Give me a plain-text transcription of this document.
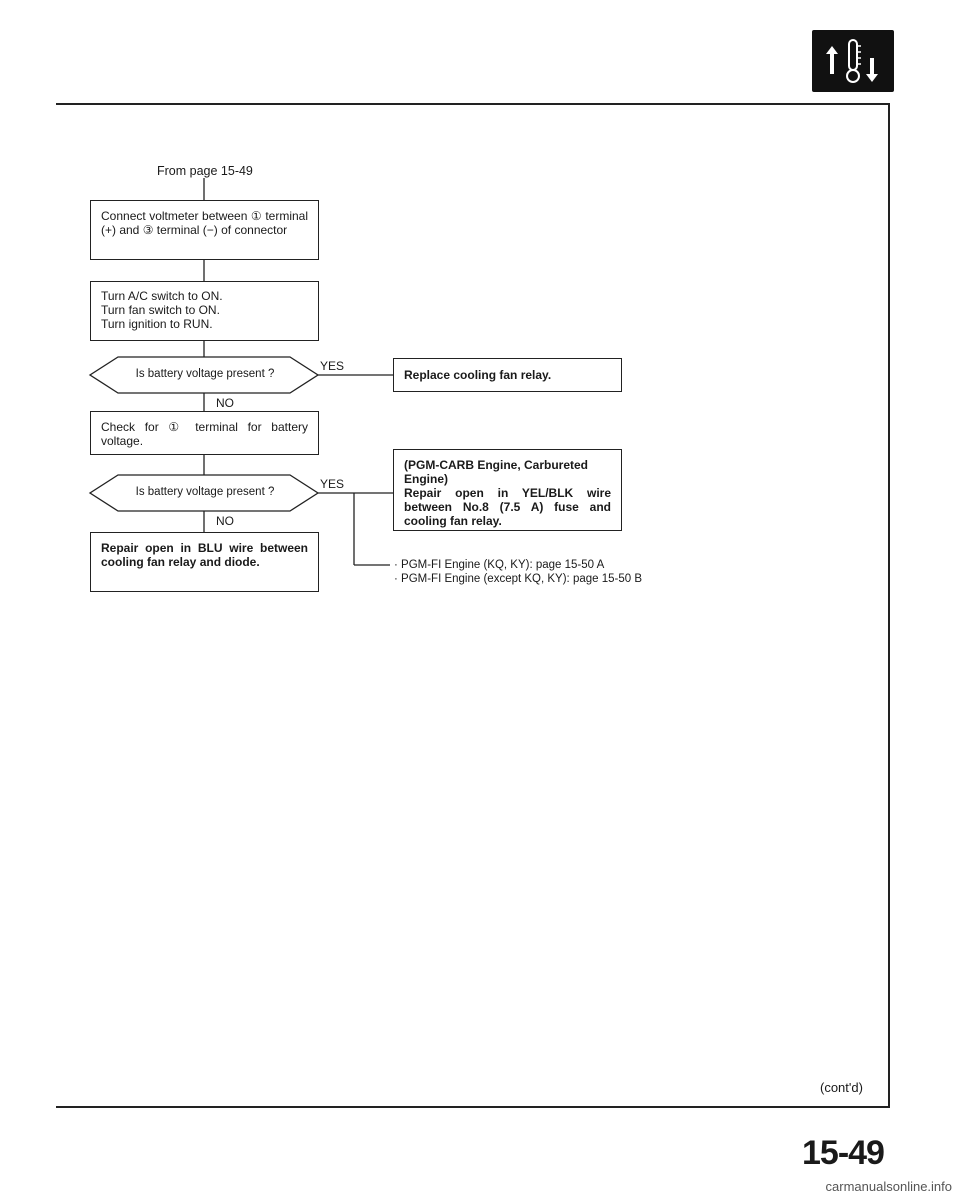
From page 15-49
Connect voltmeter between ① terminal (+) and ③ terminal (−) of connector
Turn A/C switch to ON.
Turn fan switch to ON.
Turn ignition to RUN.
Is battery voltage present ?
YES
NO
Replace cooling fan relay.
Check for ① terminal for battery voltage.
Is battery voltage present ?
YES
NO
(PGM-CARB Engine, Carbureted Engine)
Repair open in YEL/BLK wire between No.8 (7.5 A) fuse and cooling fan relay.
Repair open in BLU wire between cooling fan relay and diode.	· PGM-FI Engine (KQ, KY): page 15-50 A
· PGM-FI Engine (except KQ, KY): page 15-50 B
(cont'd)
15-49
carmanualsonline.info
